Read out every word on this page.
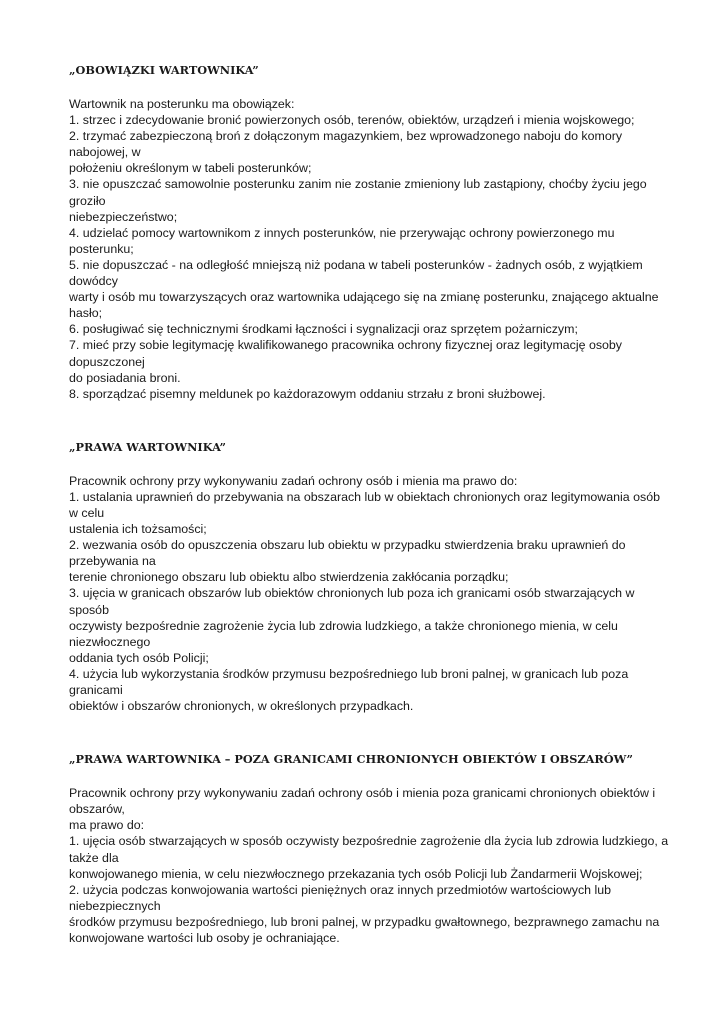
„OBOWIĄZKI WARTOWNIKA”

Wartownik na posterunku ma obowiązek:

1. strzec i zdecydowanie bronić powierzonych osób, terenów, obiektów, urządzeń i mienia wojskowego;

2. trzymać zabezpieczoną broń z dołączonym magazynkiem, bez wprowadzonego naboju do komory

nabojowej, w

położeniu określonym w tabeli posterunków;

3. nie opuszczać samowolnie posterunku zanim nie zostanie zmieniony lub zastąpiony, choćby życiu jego

groziło

niebezpieczeństwo;

4. udzielać pomocy wartownikom z innych posterunków, nie przerywając ochrony powierzonego mu

posterunku;

5. nie dopuszczać - na odległość mniejszą niż podana w tabeli posterunków - żadnych osób, z wyjątkiem

dowódcy

warty i osób mu towarzyszących oraz wartownika udającego się na zmianę posterunku, znającego aktualne

hasło;

6. posługiwać się technicznymi środkami łączności i sygnalizacji oraz sprzętem pożarniczym;

7. mieć przy sobie legitymację kwalifikowanego pracownika ochrony fizycznej oraz legitymację osoby

dopuszczonej

do posiadania broni.

8. sporządzać pisemny meldunek po każdorazowym oddaniu strzału z broni służbowej.

„PRAWA WARTOWNIKA”

Pracownik ochrony przy wykonywaniu zadań ochrony osób i mienia ma prawo do:

1. ustalania uprawnień do przebywania na obszarach lub w obiektach chronionych oraz legitymowania osób

w celu

ustalenia ich tożsamości;

2. wezwania osób do opuszczenia obszaru lub obiektu w przypadku stwierdzenia braku uprawnień do

przebywania na

terenie chronionego obszaru lub obiektu albo stwierdzenia zakłócania porządku;

3. ujęcia w granicach obszarów lub obiektów chronionych lub poza ich granicami osób stwarzających w

sposób

oczywisty bezpośrednie zagrożenie życia lub zdrowia ludzkiego, a także chronionego mienia, w celu

niezwłocznego

oddania tych osób Policji;

4. użycia lub wykorzystania środków przymusu bezpośredniego lub broni palnej, w granicach lub poza

granicami

obiektów i obszarów chronionych, w określonych przypadkach.

„PRAWA WARTOWNIKA – POZA GRANICAMI CHRONIONYCH OBIEKTÓW I OBSZARÓW”

Pracownik ochrony przy wykonywaniu zadań ochrony osób i mienia poza granicami chronionych obiektów i

obszarów,

ma prawo do:

1. ujęcia osób stwarzających w sposób oczywisty bezpośrednie zagrożenie dla życia lub zdrowia ludzkiego, a

także dla

konwojowanego mienia, w celu niezwłocznego przekazania tych osób Policji lub Żandarmerii Wojskowej;

2. użycia podczas konwojowania wartości pieniężnych oraz innych przedmiotów wartościowych lub

niebezpiecznych

środków przymusu bezpośredniego, lub broni palnej, w przypadku gwałtownego, bezprawnego zamachu na

konwojowane wartości lub osoby je ochraniające.
